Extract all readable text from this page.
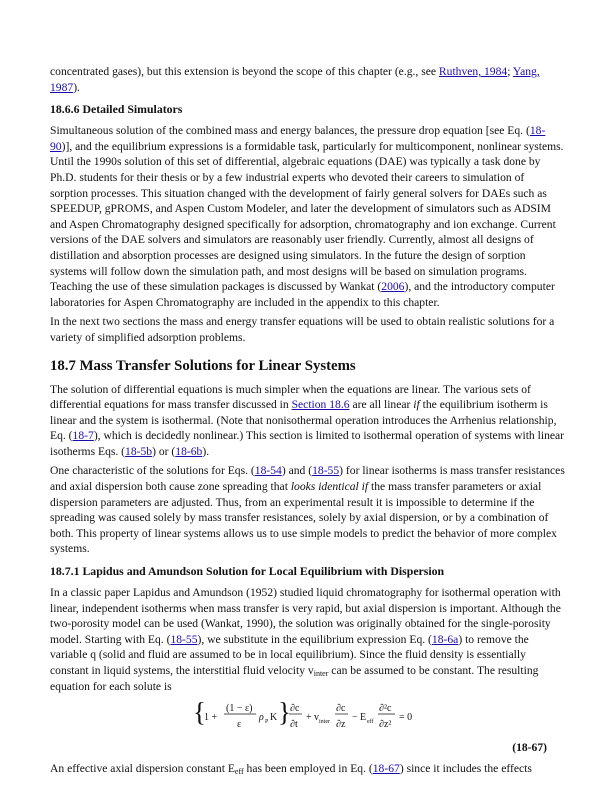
concentrated gases), but this extension is beyond the scope of this chapter (e.g., see Ruthven, 1984; Yang, 1987).

18.6.6 Detailed Simulators

Simultaneous solution of the combined mass and energy balances, the pressure drop equation [see Eq. (18-90)], and the equilibrium expressions is a formidable task, particularly for multicomponent, nonlinear systems. Until the 1990s solution of this set of differential, algebraic equations (DAE) was typically a task done by Ph.D. students for their thesis or by a few industrial experts who devoted their careers to simulation of sorption processes. This situation changed with the development of fairly general solvers for DAEs such as SPEEDUP, gPROMS, and Aspen Custom Modeler, and later the development of simulators such as ADSIM and Aspen Chromatography designed specifically for adsorption, chromatography and ion exchange. Current versions of the DAE solvers and simulators are reasonably user friendly. Currently, almost all designs of distillation and absorption processes are designed using simulators. In the future the design of sorption systems will follow down the simulation path, and most designs will be based on simulation programs. Teaching the use of these simulation packages is discussed by Wankat (2006), and the introductory computer laboratories for Aspen Chromatography are included in the appendix to this chapter.

In the next two sections the mass and energy transfer equations will be used to obtain realistic solutions for a variety of simplified adsorption problems.

18.7 Mass Transfer Solutions for Linear Systems

The solution of differential equations is much simpler when the equations are linear. The various sets of differential equations for mass transfer discussed in Section 18.6 are all linear if the equilibrium isotherm is linear and the system is isothermal. (Note that nonisothermal operation introduces the Arrhenius relationship, Eq. (18-7), which is decidedly nonlinear.) This section is limited to isothermal operation of systems with linear isotherms Eqs. (18-5b) or (18-6b).

One characteristic of the solutions for Eqs. (18-54) and (18-55) for linear isotherms is mass transfer resistances and axial dispersion both cause zone spreading that looks identical if the mass transfer parameters or axial dispersion parameters are adjusted. Thus, from an experimental result it is impossible to determine if the spreading was caused solely by mass transfer resistances, solely by axial dispersion, or by a combination of both. This property of linear systems allows us to use simple models to predict the behavior of more complex systems.

18.7.1 Lapidus and Amundson Solution for Local Equilibrium with Dispersion

In a classic paper Lapidus and Amundson (1952) studied liquid chromatography for isothermal operation with linear, independent isotherms when mass transfer is very rapid, but axial dispersion is important. Although the two-porosity model can be used (Wankat, 1990), the solution was originally obtained for the single-porosity model. Starting with Eq. (18-55), we substitute in the equilibrium expression Eq. (18-6a) to remove the variable q (solid and fluid are assumed to be in local equilibrium). Since the fluid density is essentially constant in liquid systems, the interstitial fluid velocity $v_{inter}$ can be assumed to be constant. The resulting equation for each solute is

{
1 +
(1 − ε)
ε
ρ P K } ∂c
∂t
+ v inter
∂c
∂z
− E eff
∂²c
∂z²
= 0
(18-67)

An effective axial dispersion constant $E_{eff}$ has been employed in Eq. (18-67) since it includes the effects
